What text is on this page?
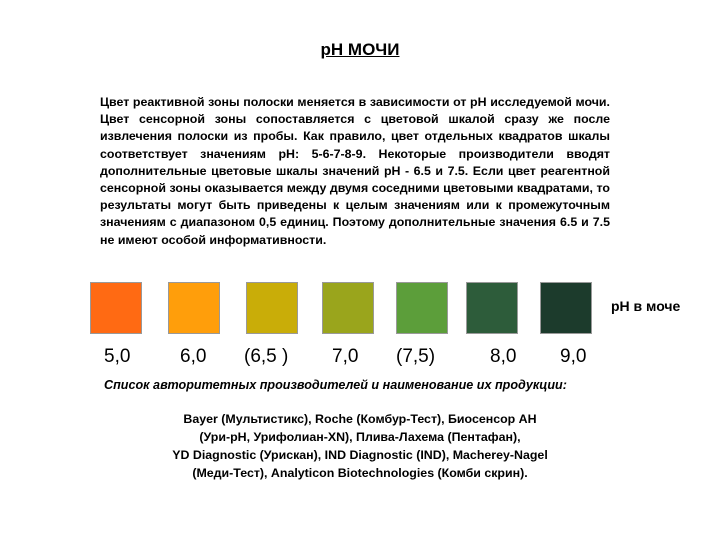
pH МОЧИ

Цвет реактивной зоны полоски меняется в зависимости от pH исследуемой мочи. Цвет сенсорной зоны сопоставляется с цветовой шкалой сразу же после извлечения полоски из пробы. Как правило, цвет отдельных квадратов шкалы соответствует значениям pH: 5-6-7-8-9. Некоторые производители вводят дополнительные цветовые шкалы значений pH - 6.5 и 7.5. Если цвет реагентной сенсорной зоны оказывается между двумя соседними цветовыми квадратами, то результаты могут быть приведены к целым значениям или к промежуточным значениям с диапазоном 0,5 единиц. Поэтому дополнительные значения 6.5 и 7.5 не имеют особой информативности.

pH в моче
5,0	6,0 (6,5 ) 7,0 (7,5)	8,0 9,0
Список авторитетных производителей и наименование их продукции:
Bayer (Мультистикс), Roche (Комбур-Тест), Биосенсор АН
(Ури-pH, Урифолиан-XN), Плива-Лахема (Пентафан),
YD Diagnostic (Урискан), IND Diagnostic (IND), Macherey-Nagel
(Меди-Тест), Analyticon Biotechnologies (Комби скрин).
